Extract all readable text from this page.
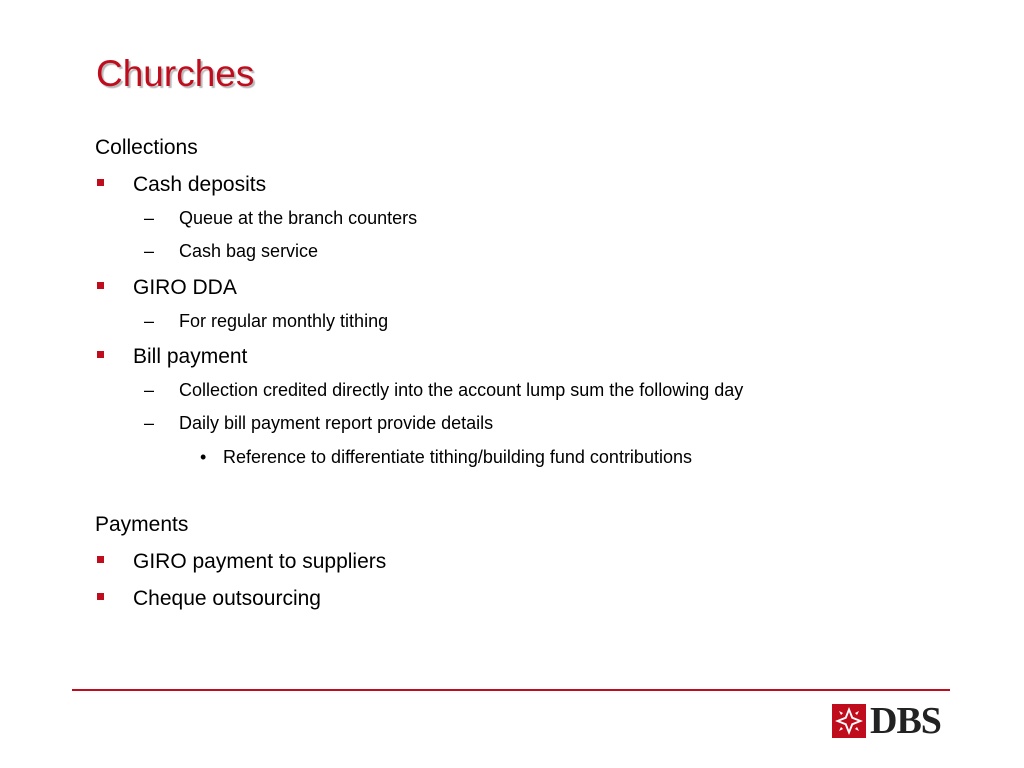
Churches
Collections
Cash deposits
– Queue at the branch counters
– Cash bag service
GIRO DDA
– For regular monthly tithing
Bill payment
– Collection credited directly into the account lump sum the following day
– Daily bill payment report provide details
• Reference to differentiate tithing/building fund contributions
Payments
GIRO payment to suppliers
Cheque outsourcing
DBS
